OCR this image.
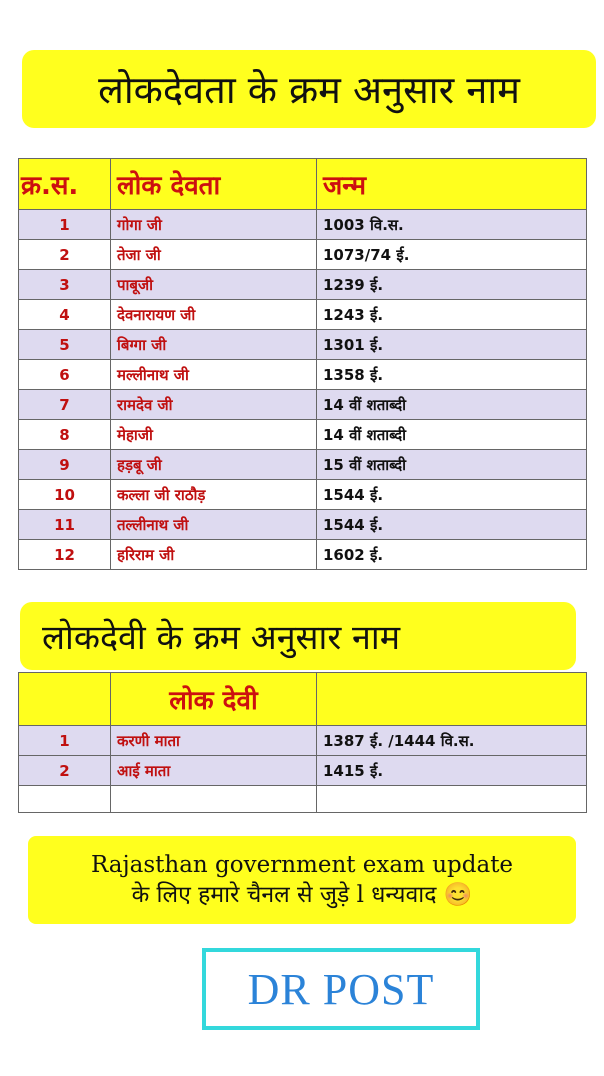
लोकदेवता के क्रम अनुसार नाम
क्र.स.	लोक देवता	जन्म
1	गोगा जी	1003 वि.स.
2	तेजा जी	1073/74 ई.
3	पाबूजी	1239 ई.
4	देवनारायण जी	1243 ई.
5	बिग्गा जी	1301 ई.
6	मल्लीनाथ जी	1358 ई.
7	रामदेव जी	14 वीं शताब्दी
8	मेहाजी	14 वीं शताब्दी
9	हड़बू जी	15 वीं शताब्दी
10	कल्ला जी राठौड़	1544 ई.
11	तल्लीनाथ जी	1544 ई.
12	हरिराम जी	1602 ई.
लोकदेवी के क्रम अनुसार नाम
	लोक देवी	
1	करणी माता	1387 ई. /1444 वि.स.
2	आई माता	1415 ई.

Rajasthan government exam update
के लिए हमारे चैनल से जुड़े l धन्यवाद 😊
DR POST
